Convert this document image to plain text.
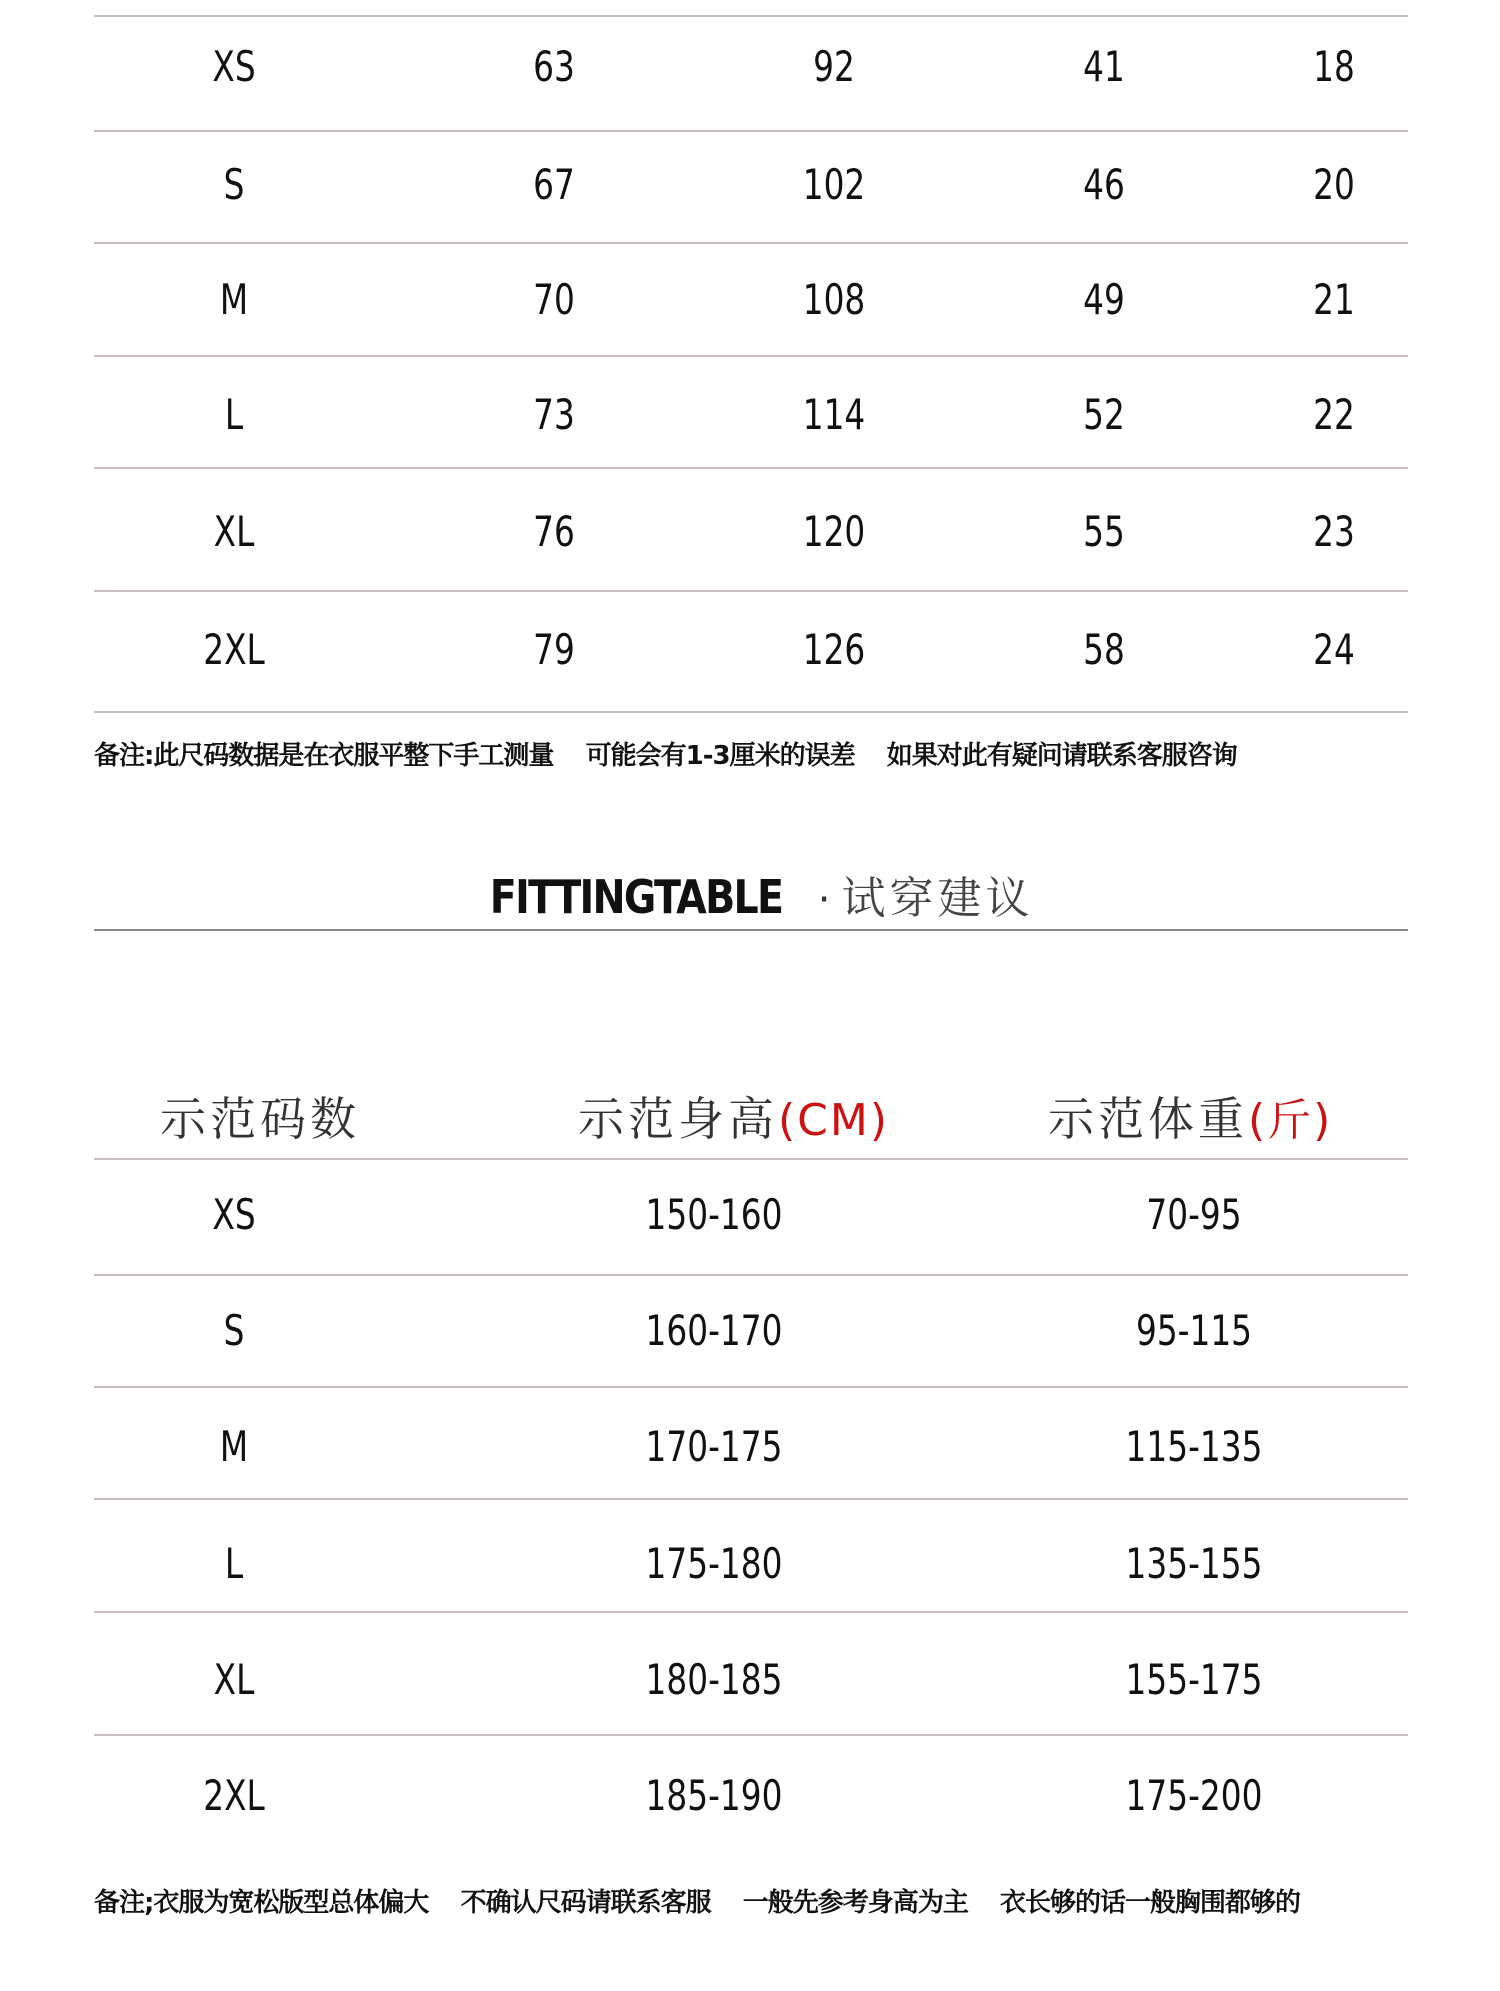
XS	63	92	41	18
S	67	102	46	20
M	70	108	49	21
L	73	114	52	22
XL	76	120	55	23
2XL	79	126	58	24
备注:此尺码数据是在衣服平整下手工测量    可能会有1-3厘米的误差    如果对此有疑问请联系客服咨询
FITTINGTABLE · 试穿建议
示范码数	示范身高(CM)	示范体重(斤)
XS	150-160	70-95
S	160-170	95-115
M	170-175	115-135
L	175-180	135-155
XL	180-185	155-175
2XL	185-190	175-200
备注;衣服为宽松版型总体偏大    不确认尺码请联系客服    一般先参考身高为主    衣长够的话一般胸围都够的
